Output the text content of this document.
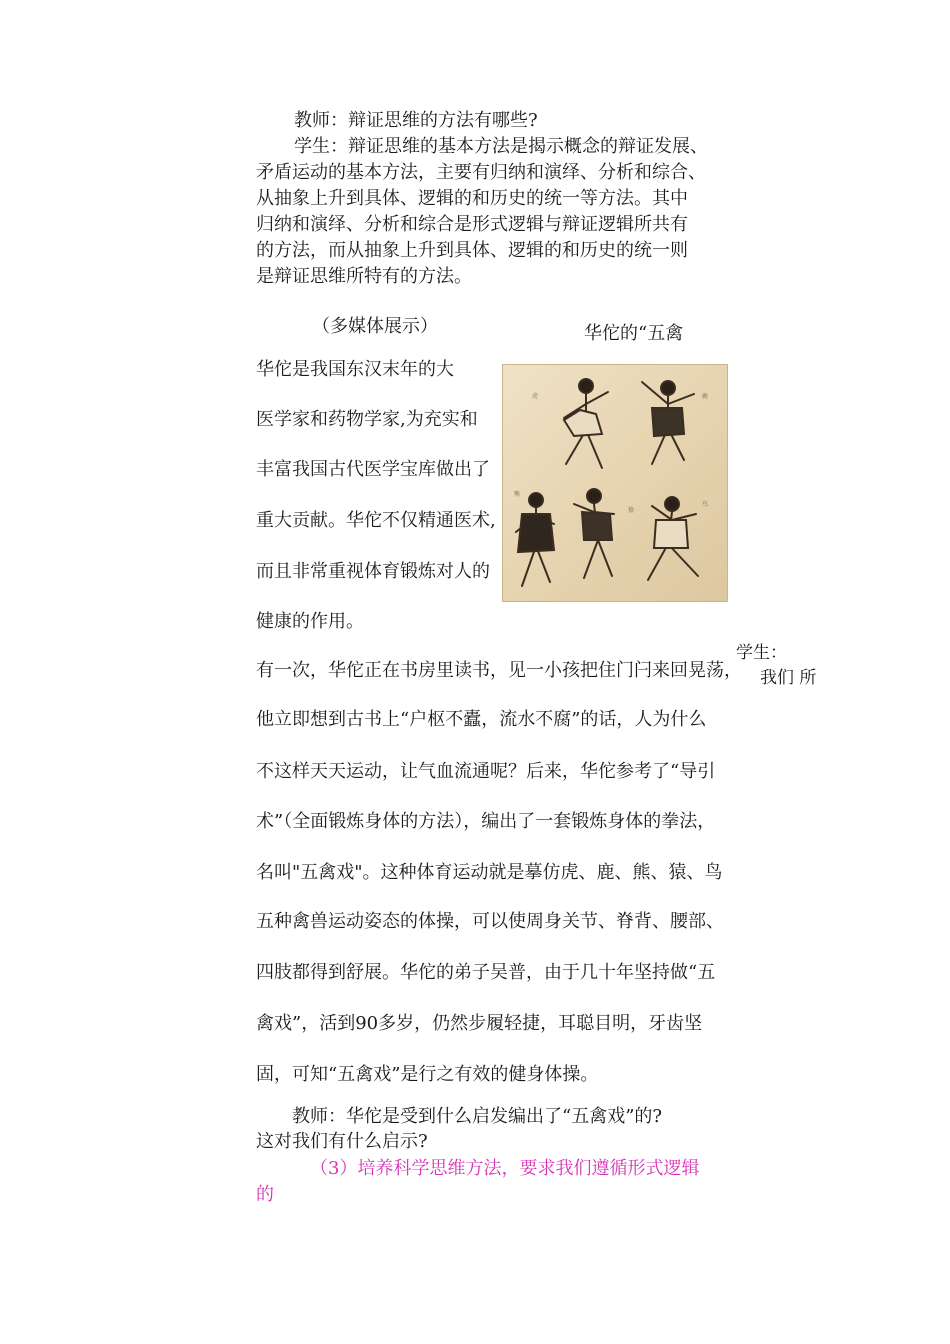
教师：辩证思维的方法有哪些?

学生：辩证思维的基本方法是揭示概念的辩证发展、

矛盾运动的基本方法，主要有归纳和演绎、分析和综合、

从抽象上升到具体、逻辑的和历史的统一等方法。其中

归纳和演绎、分析和综合是形式逻辑与辩证逻辑所共有

的方法，而从抽象上升到具体、逻辑的和历史的统一则

是辩证思维所特有的方法。

（多媒体展示）	华佗的“五禽
华佗是我国东汉末年的大
医学家和药物学家,为充实和
丰富我国古代医学宝库做出了
重大贡献。华佗不仅精通医术,
而且非常重视体育锻炼对人的
健康的作用。
虎	鹿
熊
猿
鸟
有一次，华佗正在书房里读书，见一小孩把住门闩来回晃荡，
他立即想到古书上“户枢不蠹，流水不腐”的话，人为什么
不这样天天运动，让气血流通呢？后来，华佗参考了“导引
术”（全面锻炼身体的方法），编出了一套锻炼身体的拳法，
名叫"五禽戏"。这种体育运动就是摹仿虎、鹿、熊、猿、鸟
五种禽兽运动姿态的体操，可以使周身关节、脊背、腰部、
四肢都得到舒展。华佗的弟子吴普，由于几十年坚持做“五
禽戏”，活到90多岁，仍然步履轻捷，耳聪目明，牙齿坚
固，可知“五禽戏”是行之有效的健身体操。
学生：
我们 所
教师：华佗是受到什么启发编出了“五禽戏”的?
这对我们有什么启示?
（3）培养科学思维方法，要求我们遵循形式逻辑
的
